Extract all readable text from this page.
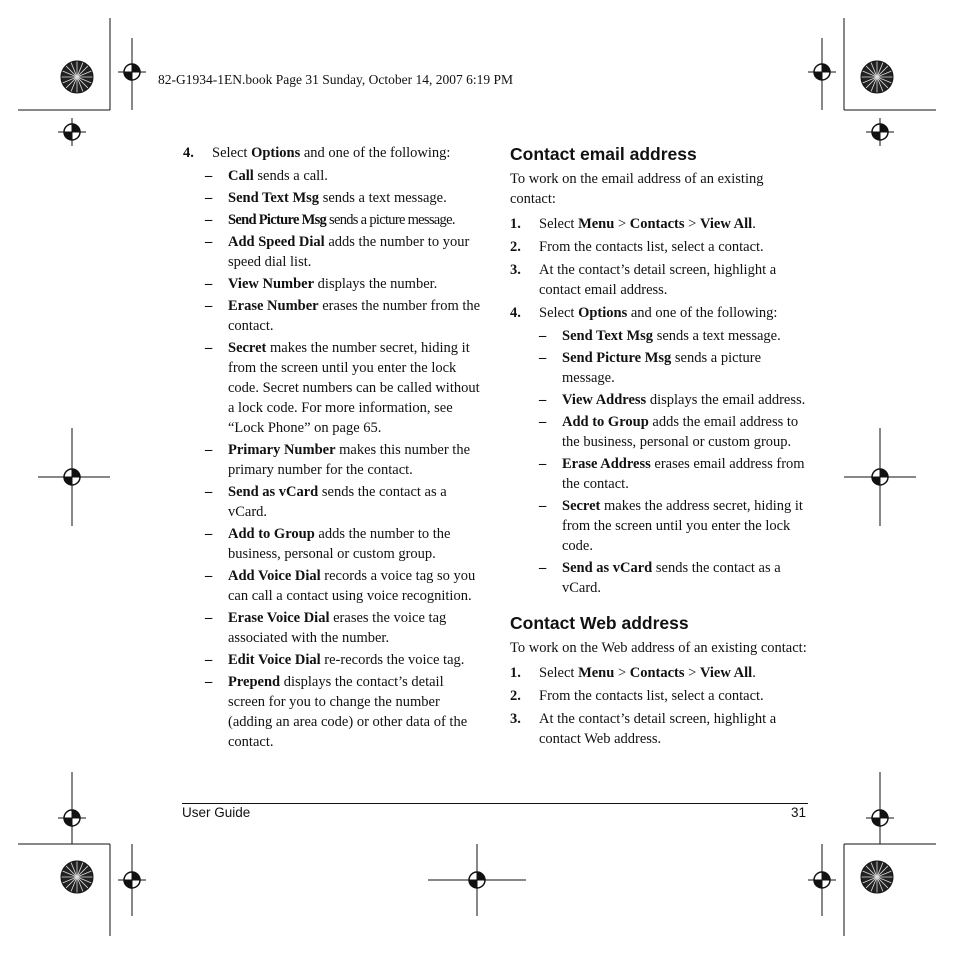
82-G1934-1EN.book Page 31 Sunday, October 14, 2007 6:19 PM
4. Select Options and one of the following:
– Call sends a call.
– Send Text Msg sends a text message.
– Send Picture Msg sends a picture message.
– Add Speed Dial adds the number to your speed dial list.
– View Number displays the number.
– Erase Number erases the number from the contact.
– Secret makes the number secret, hiding it from the screen until you enter the lock code. Secret numbers can be called without a lock code. For more information, see “Lock Phone” on page 65.
– Primary Number makes this number the primary number for the contact.
– Send as vCard sends the contact as a vCard.
– Add to Group adds the number to the business, personal or custom group.
– Add Voice Dial records a voice tag so you can call a contact using voice recognition.
– Erase Voice Dial erases the voice tag associated with the number.
– Edit Voice Dial re-records the voice tag.
– Prepend displays the contact’s detail screen for you to change the number (adding an area code) or other data of the contact.
Contact email address
To work on the email address of an existing contact:
1. Select Menu > Contacts > View All.
2. From the contacts list, select a contact.
3. At the contact’s detail screen, highlight a contact email address.
4. Select Options and one of the following:
– Send Text Msg sends a text message.
– Send Picture Msg sends a picture message.
– View Address displays the email address.
– Add to Group adds the email address to the business, personal or custom group.
– Erase Address erases email address from the contact.
– Secret makes the address secret, hiding it from the screen until you enter the lock code.
– Send as vCard sends the contact as a vCard.
Contact Web address
To work on the Web address of an existing contact:
1. Select Menu > Contacts > View All.
2. From the contacts list, select a contact.
3. At the contact’s detail screen, highlight a contact Web address.
User Guide	31
